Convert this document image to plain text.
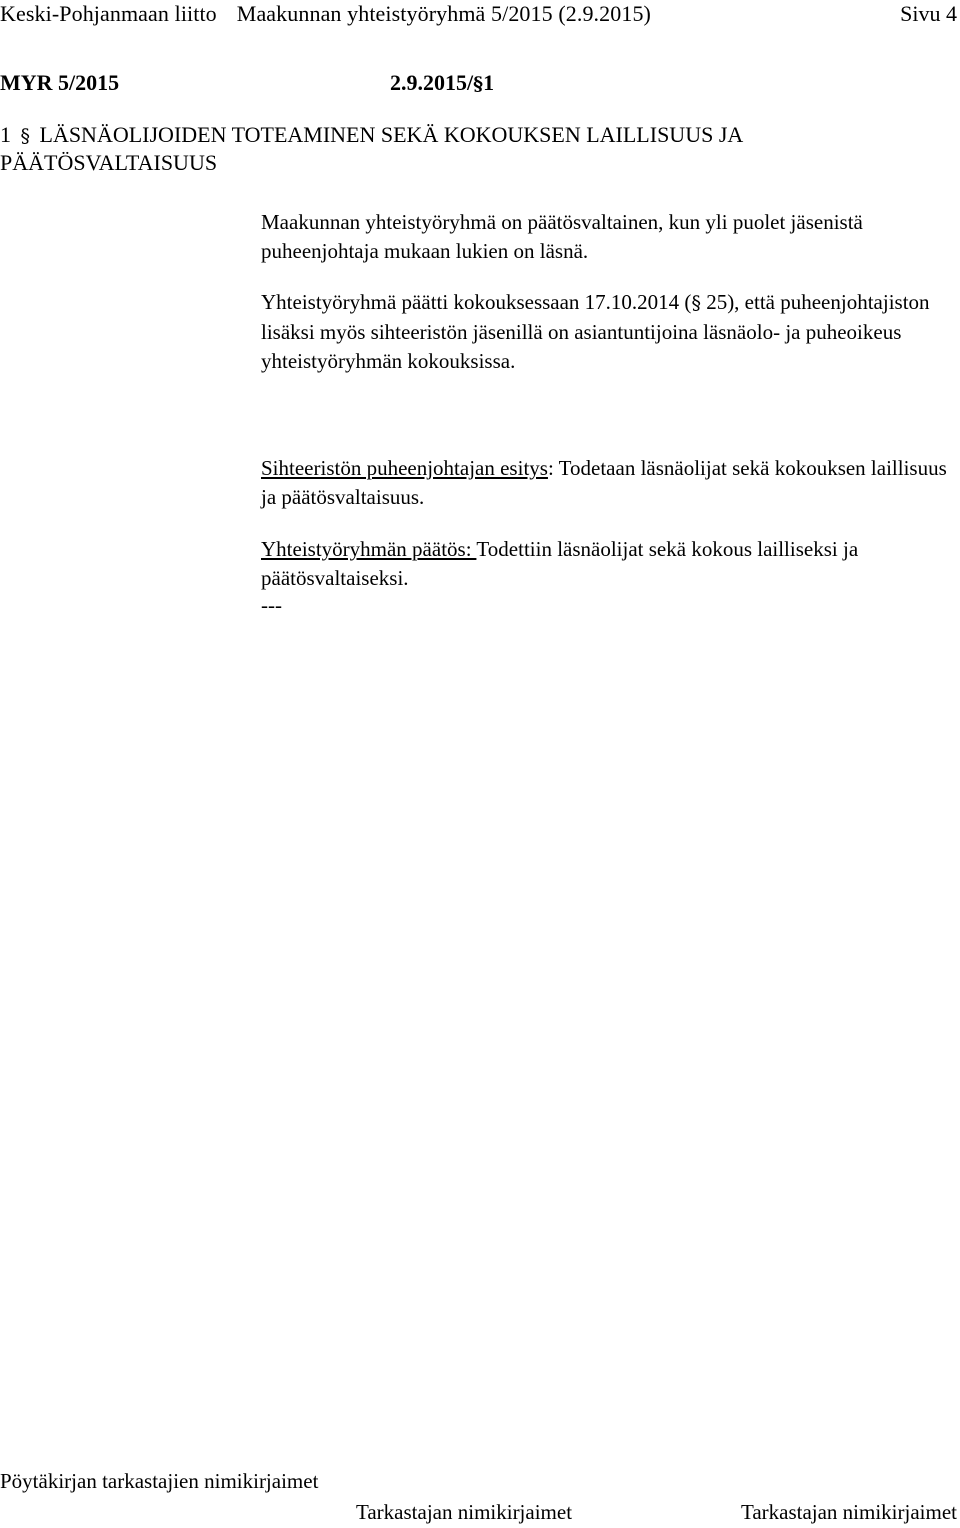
Keski-Pohjanmaan liitto Maakunnan yhteistyöryhmä 5/2015 (2.9.2015)	Sivu 4
MYR 5/2015	2.9.2015/§1
1 § LÄSNÄOLIJOIDEN TOTEAMINEN SEKÄ KOKOUKSEN LAILLISUUS JA
PÄÄTÖSVALTAISUUS
Maakunnan yhteistyöryhmä on päätösvaltainen, kun yli puolet jäsenistä puheenjohtaja mukaan lukien on läsnä.
Yhteistyöryhmä päätti kokouksessaan 17.10.2014 (§ 25), että puheenjohtajiston lisäksi myös sihteeristön jäsenillä on asiantuntijoina läsnäolo- ja puheoikeus yhteistyöryhmän kokouksissa.
Sihteeristön puheenjohtajan esitys: Todetaan läsnäolijat sekä kokouksen laillisuus ja päätösvaltaisuus.
Yhteistyöryhmän päätös: Todettiin läsnäolijat sekä kokous lailliseksi ja päätösvaltaiseksi.
---
Pöytäkirjan tarkastajien nimikirjaimet
Tarkastajan nimikirjaimet	Tarkastajan nimikirjaimet
